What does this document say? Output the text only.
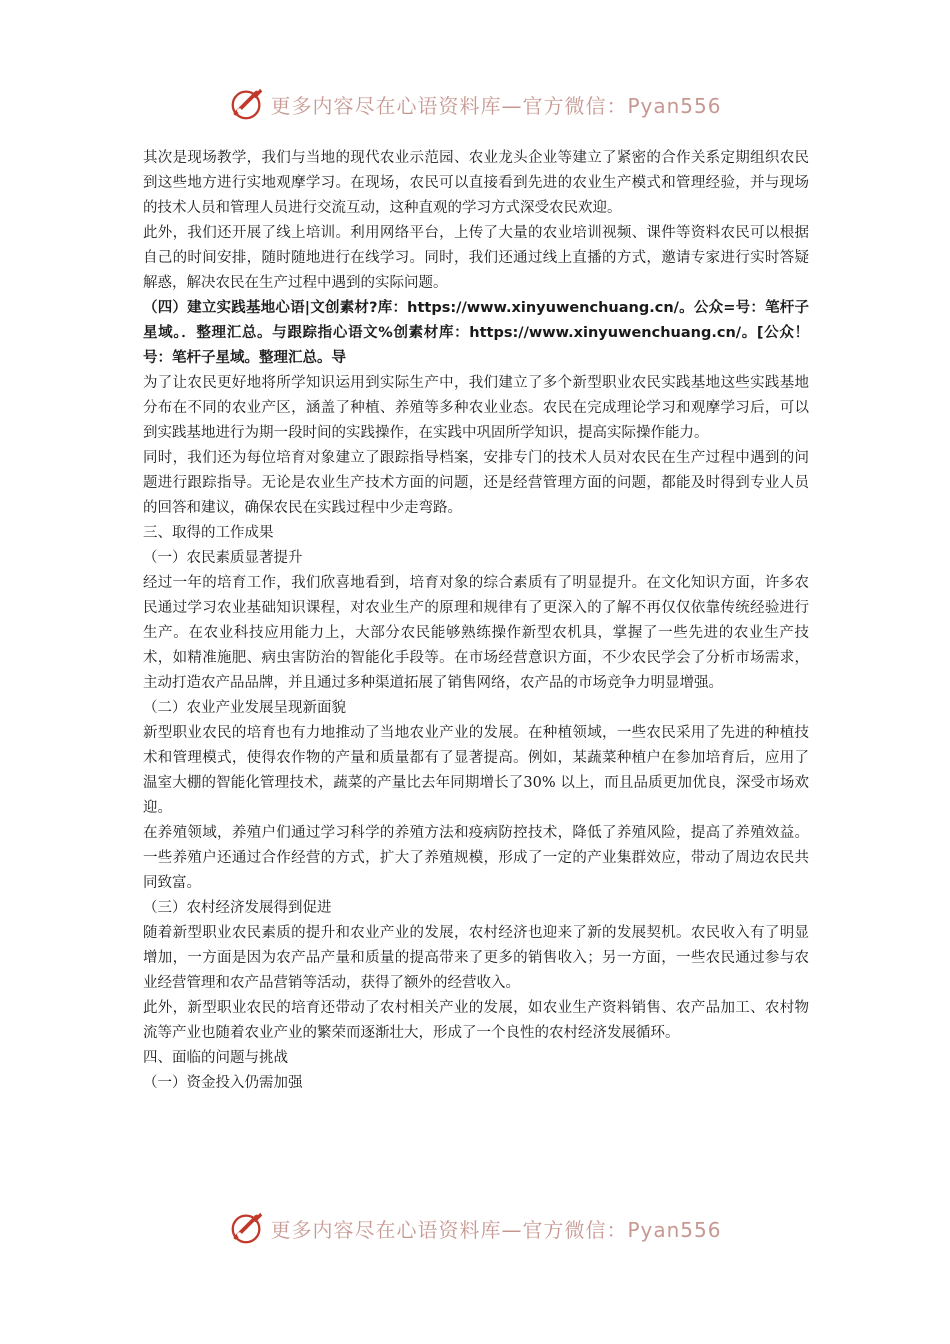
更多内容尽在心语资料库—官方微信：Pyan556

其次是现场教学，我们与当地的现代农业示范园、农业龙头企业等建立了紧密的合作关系定期组织农民到这些地方进行实地观摩学习。在现场，农民可以直接看到先进的农业生产模式和管理经验，并与现场的技术人员和管理人员进行交流互动，这种直观的学习方式深受农民欢迎。

此外，我们还开展了线上培训。利用网络平台，上传了大量的农业培训视频、课件等资料农民可以根据自己的时间安排，随时随地进行在线学习。同时，我们还通过线上直播的方式，邀请专家进行实时答疑解惑，解决农民在生产过程中遇到的实际问题。

（四）建立实践基地心语|文创素材?库：https://www.xinyuwenchuang.cn/。公众=号：笔杆子星域。．整理汇总。与跟踪指心语文%创素材库：https://www.xinyuwenchuang.cn/。[公众！号：笔杆子星域。整理汇总。导

为了让农民更好地将所学知识运用到实际生产中，我们建立了多个新型职业农民实践基地这些实践基地分布在不同的农业产区，涵盖了种植、养殖等多种农业业态。农民在完成理论学习和观摩学习后，可以到实践基地进行为期一段时间的实践操作，在实践中巩固所学知识，提高实际操作能力。

同时，我们还为每位培育对象建立了跟踪指导档案，安排专门的技术人员对农民在生产过程中遇到的问题进行跟踪指导。无论是农业生产技术方面的问题，还是经营管理方面的问题，都能及时得到专业人员的回答和建议，确保农民在实践过程中少走弯路。

三、取得的工作成果

（一）农民素质显著提升

经过一年的培育工作，我们欣喜地看到，培育对象的综合素质有了明显提升。在文化知识方面，许多农民通过学习农业基础知识课程，对农业生产的原理和规律有了更深入的了解不再仅仅依靠传统经验进行生产。在农业科技应用能力上，大部分农民能够熟练操作新型农机具，掌握了一些先进的农业生产技术，如精准施肥、病虫害防治的智能化手段等。在市场经营意识方面，不少农民学会了分析市场需求，主动打造农产品品牌，并且通过多种渠道拓展了销售网络，农产品的市场竞争力明显增强。

（二）农业产业发展呈现新面貌

新型职业农民的培育也有力地推动了当地农业产业的发展。在种植领域，一些农民采用了先进的种植技术和管理模式，使得农作物的产量和质量都有了显著提高。例如，某蔬菜种植户在参加培育后，应用了温室大棚的智能化管理技术，蔬菜的产量比去年同期增长了30% 以上，而且品质更加优良，深受市场欢迎。

在养殖领域，养殖户们通过学习科学的养殖方法和疫病防控技术，降低了养殖风险，提高了养殖效益。一些养殖户还通过合作经营的方式，扩大了养殖规模，形成了一定的产业集群效应，带动了周边农民共同致富。

（三）农村经济发展得到促进

随着新型职业农民素质的提升和农业产业的发展，农村经济也迎来了新的发展契机。农民收入有了明显增加，一方面是因为农产品产量和质量的提高带来了更多的销售收入；另一方面，一些农民通过参与农业经营管理和农产品营销等活动，获得了额外的经营收入。

此外，新型职业农民的培育还带动了农村相关产业的发展，如农业生产资料销售、农产品加工、农村物流等产业也随着农业产业的繁荣而逐渐壮大，形成了一个良性的农村经济发展循环。

四、面临的问题与挑战

（一）资金投入仍需加强

更多内容尽在心语资料库—官方微信：Pyan556
